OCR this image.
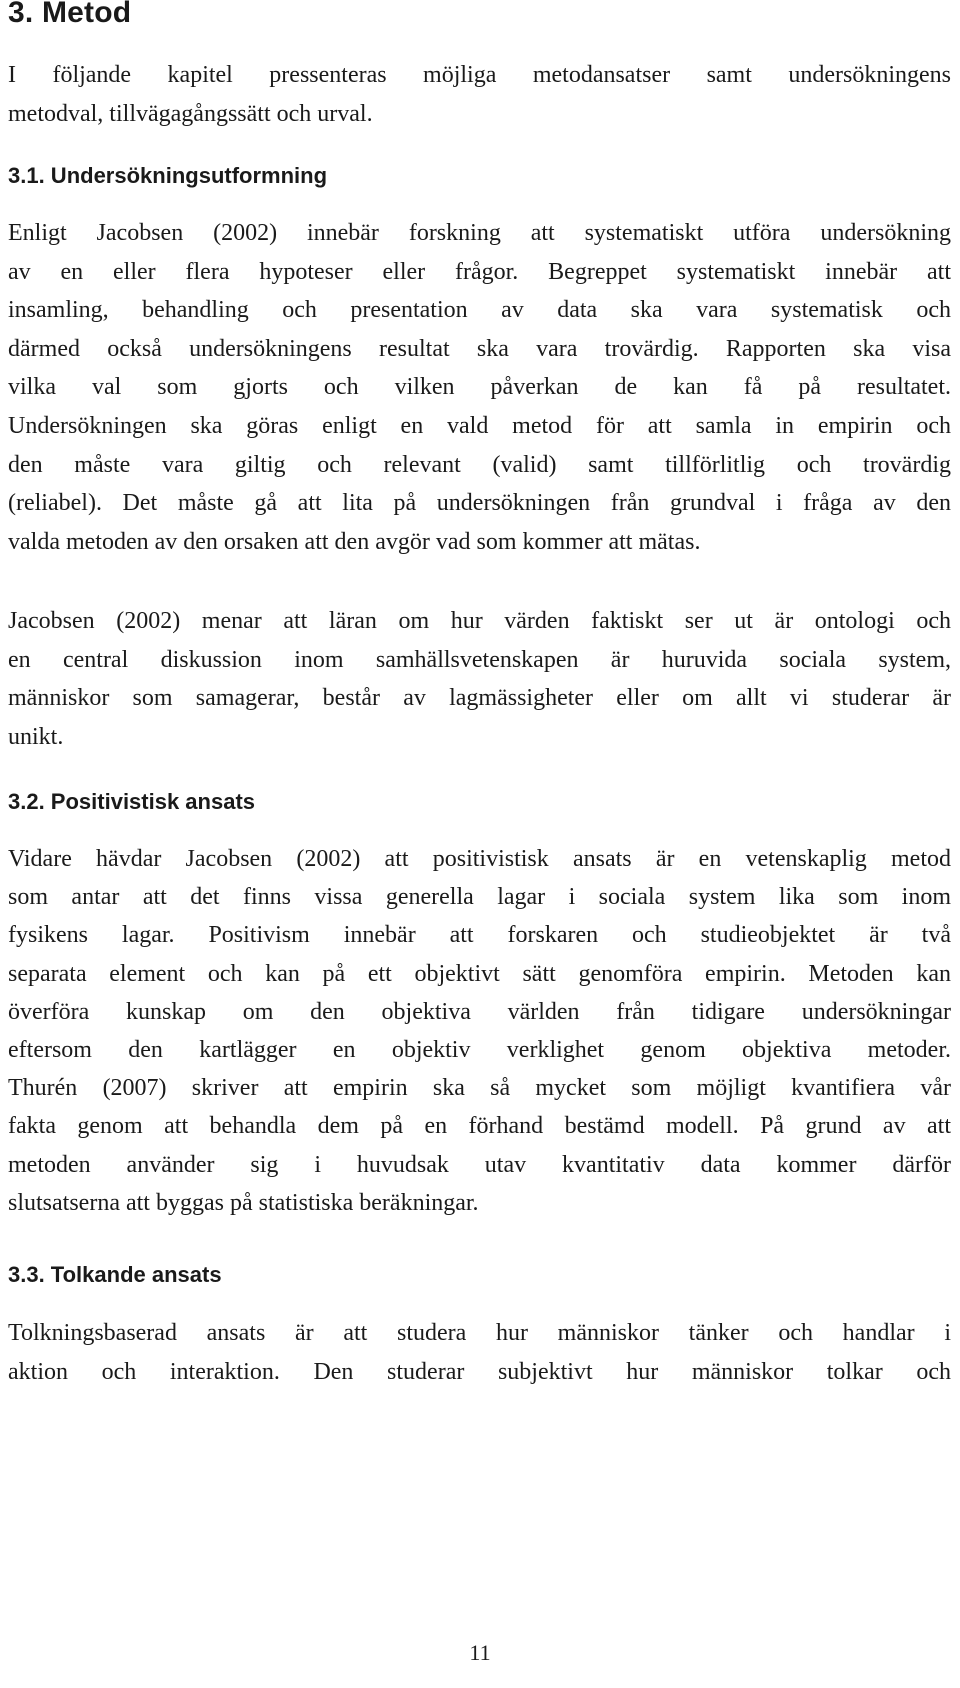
3. Metod

I följande kapitel pressenteras möjliga metodansatser samt undersökningens
metodval, tillvägagångssätt och urval.

3.1. Undersökningsutformning

Enligt Jacobsen (2002) innebär forskning att systematiskt utföra undersökning
av en eller flera hypoteser eller frågor. Begreppet systematiskt innebär att
insamling, behandling och presentation av data ska vara systematisk och
därmed också undersökningens resultat ska vara trovärdig. Rapporten ska visa
vilka val som gjorts och vilken påverkan de kan få på resultatet.
Undersökningen ska göras enligt en vald metod för att samla in empirin och
den måste vara giltig och relevant (valid) samt tillförlitlig och trovärdig
(reliabel). Det måste gå att lita på undersökningen från grundval i fråga av den
valda metoden av den orsaken att den avgör vad som kommer att mätas.

Jacobsen (2002) menar att läran om hur värden faktiskt ser ut är ontologi och
en central diskussion inom samhällsvetenskapen är huruvida sociala system,
människor som samagerar, består av lagmässigheter eller om allt vi studerar är
unikt.

3.2. Positivistisk ansats

Vidare hävdar Jacobsen (2002) att positivistisk ansats är en vetenskaplig metod
som antar att det finns vissa generella lagar i sociala system lika som inom
fysikens lagar. Positivism innebär att forskaren och studieobjektet är två
separata element och kan på ett objektivt sätt genomföra empirin. Metoden kan
överföra kunskap om den objektiva världen från tidigare undersökningar
eftersom den kartlägger en objektiv verklighet genom objektiva metoder.
Thurén (2007) skriver att empirin ska så mycket som möjligt kvantifiera vår
fakta genom att behandla dem på en förhand bestämd modell. På grund av att
metoden använder sig i huvudsak utav kvantitativ data kommer därför
slutsatserna att byggas på statistiska beräkningar.

3.3. Tolkande ansats

Tolkningsbaserad ansats är att studera hur människor tänker och handlar i
aktion och interaktion. Den studerar subjektivt hur människor tolkar och

11
